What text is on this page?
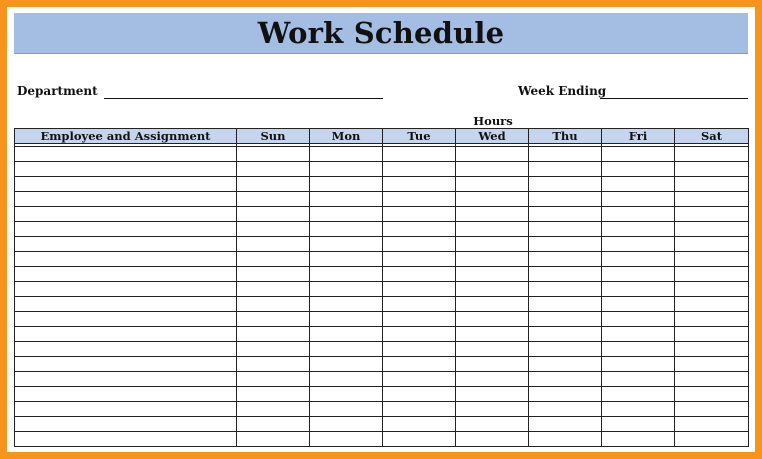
Work Schedule
Department	Week Ending
Hours
Employee and Assignment	Sun	Mon	Tue	Wed	Thu	Fri	Sat
